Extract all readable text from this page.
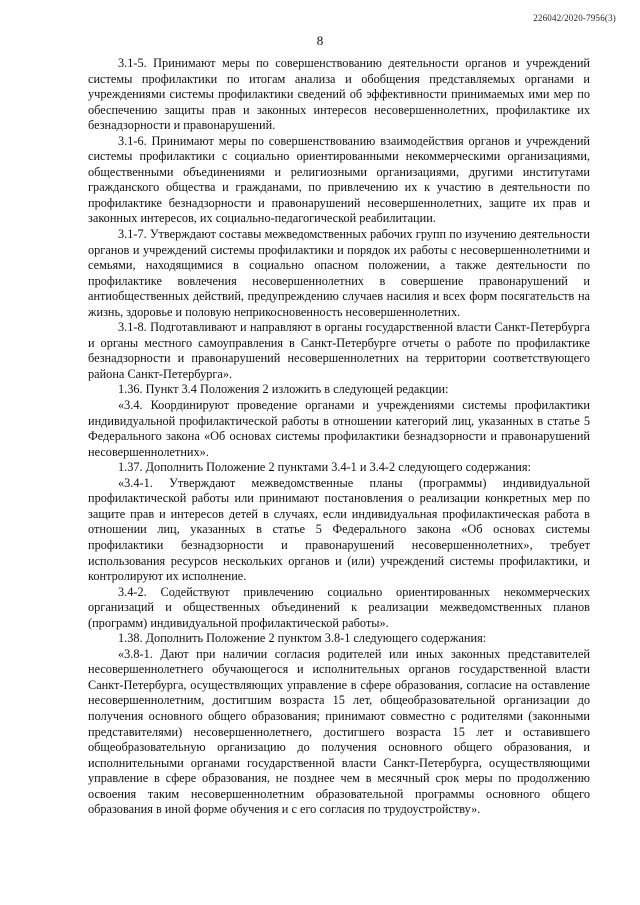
226042/2020-7956(3)
8

3.1-5. Принимают меры по совершенствованию деятельности органов и учреждений системы профилактики по итогам анализа и обобщения представляемых органами и учреждениями системы профилактики сведений об эффективности принимаемых ими мер по обеспечению защиты прав и законных интересов несовершеннолетних, профилактике их безнадзорности и правонарушений.

3.1-6. Принимают меры по совершенствованию взаимодействия органов и учреждений системы профилактики с социально ориентированными некоммерческими организациями, общественными объединениями и религиозными организациями, другими институтами гражданского общества и гражданами, по привлечению их к участию в деятельности по профилактике безнадзорности и правонарушений несовершеннолетних, защите их прав и законных интересов, их социально-педагогической реабилитации.

3.1-7. Утверждают составы межведомственных рабочих групп по изучению деятельности органов и учреждений системы профилактики и порядок их работы с несовершеннолетними и семьями, находящимися в социально опасном положении, а также деятельности по профилактике вовлечения несовершеннолетних в совершение правонарушений и антиобщественных действий, предупреждению случаев насилия и всех форм посягательств на жизнь, здоровье и половую неприкосновенность несовершеннолетних.

3.1-8. Подготавливают и направляют в органы государственной власти Санкт-Петербурга и органы местного самоуправления в Санкт-Петербурге отчеты о работе по профилактике безнадзорности и правонарушений несовершеннолетних на территории соответствующего района Санкт-Петербурга».

1.36. Пункт 3.4 Положения 2 изложить в следующей редакции:

«3.4. Координируют проведение органами и учреждениями системы профилактики индивидуальной профилактической работы в отношении категорий лиц, указанных в статье 5 Федерального закона «Об основах системы профилактики безнадзорности и правонарушений несовершеннолетних».

1.37. Дополнить Положение 2 пунктами 3.4-1 и 3.4-2 следующего содержания:

«3.4-1. Утверждают межведомственные планы (программы) индивидуальной профилактической работы или принимают постановления о реализации конкретных мер по защите прав и интересов детей в случаях, если индивидуальная профилактическая работа в отношении лиц, указанных в статье 5 Федерального закона «Об основах системы профилактики безнадзорности и правонарушений несовершеннолетних», требует использования ресурсов нескольких органов и (или) учреждений системы профилактики, и контролируют их исполнение.

3.4-2. Содействуют привлечению социально ориентированных некоммерческих организаций и общественных объединений к реализации межведомственных планов (программ) индивидуальной профилактической работы».

1.38. Дополнить Положение 2 пунктом 3.8-1 следующего содержания:

«3.8-1. Дают при наличии согласия родителей или иных законных представителей несовершеннолетнего обучающегося и исполнительных органов государственной власти Санкт-Петербурга, осуществляющих управление в сфере образования, согласие на оставление несовершеннолетним, достигшим возраста 15 лет, общеобразовательной организации до получения основного общего образования; принимают совместно с родителями (законными представителями) несовершеннолетнего, достигшего возраста 15 лет и оставившего общеобразовательную организацию до получения основного общего образования, и исполнительными органами государственной власти Санкт-Петербурга, осуществляющими управление в сфере образования, не позднее чем в месячный срок меры по продолжению освоения таким несовершеннолетним образовательной программы основного общего образования в иной форме обучения и с его согласия по трудоустройству».
